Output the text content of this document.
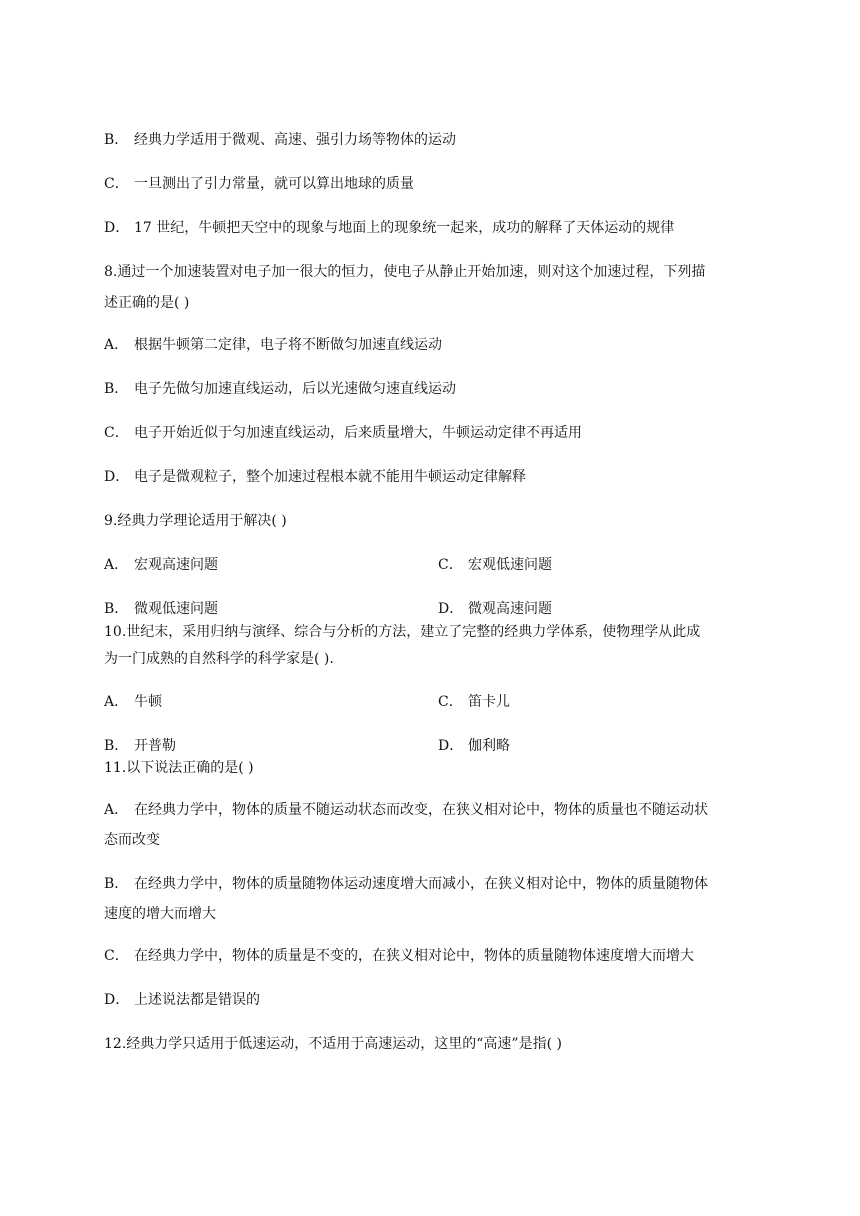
B． 经典力学适用于微观、高速、强引力场等物体的运动
C． 一旦测出了引力常量，就可以算出地球的质量
D． 17 世纪，牛顿把天空中的现象与地面上的现象统一起来，成功的解释了天体运动的规律
8.通过一个加速装置对电子加一很大的恒力，使电子从静止开始加速，则对这个加速过程，下列描
述正确的是( )
A． 根据牛顿第二定律，电子将不断做匀加速直线运动
B． 电子先做匀加速直线运动，后以光速做匀速直线运动
C． 电子开始近似于匀加速直线运动，后来质量增大，牛顿运动定律不再适用
D． 电子是微观粒子，整个加速过程根本就不能用牛顿运动定律解释
9.经典力学理论适用于解决( )
A． 宏观高速问题	C． 宏观低速问题
B． 微观低速问题	D． 微观高速问题
10.世纪末，采用归纳与演绎、综合与分析的方法，建立了完整的经典力学体系，使物理学从此成
为一门成熟的自然科学的科学家是( ).
A． 牛顿	C． 笛卡儿
B． 开普勒	D． 伽利略
11.以下说法正确的是( )
A． 在经典力学中，物体的质量不随运动状态而改变，在狭义相对论中，物体的质量也不随运动状
态而改变
B． 在经典力学中，物体的质量随物体运动速度增大而减小，在狭义相对论中，物体的质量随物体
速度的增大而增大
C． 在经典力学中，物体的质量是不变的，在狭义相对论中，物体的质量随物体速度增大而增大
D． 上述说法都是错误的
12.经典力学只适用于低速运动，不适用于高速运动，这里的“高速”是指( )
